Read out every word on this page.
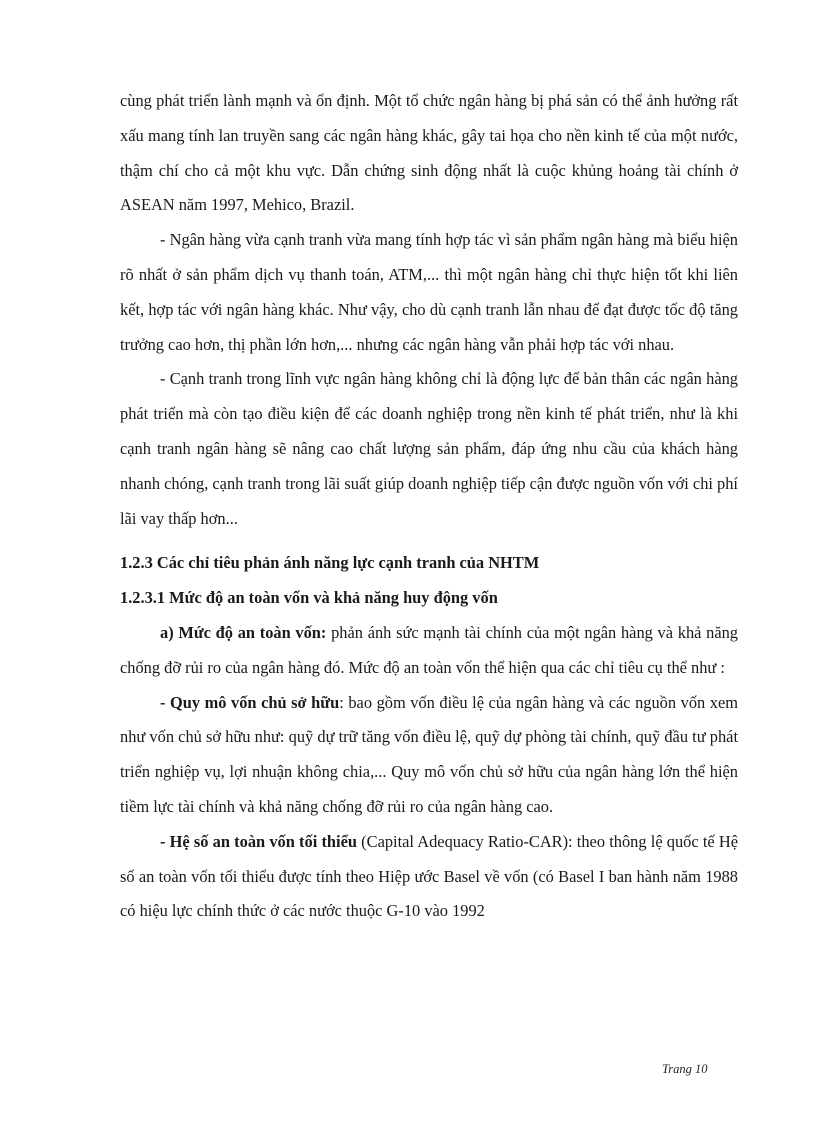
cùng phát triển lành mạnh và ổn định. Một tổ chức ngân hàng bị phá sản có thể ảnh hưởng rất xấu mang tính lan truyền sang các ngân hàng khác, gây tai họa cho nền kinh tế của một nước, thậm chí cho cả một khu vực. Dẫn chứng sinh động nhất là cuộc khủng hoảng tài chính ở ASEAN năm 1997, Mehico, Brazil.

- Ngân hàng vừa cạnh tranh vừa mang tính hợp tác vì sản phẩm ngân hàng mà biểu hiện rõ nhất ở sản phẩm dịch vụ thanh toán, ATM,... thì một ngân hàng chỉ thực hiện tốt khi liên kết, hợp tác với ngân hàng khác. Như vậy, cho dù cạnh tranh lẫn nhau để đạt được tốc độ tăng trưởng cao hơn, thị phần lớn hơn,... nhưng các ngân hàng vẫn phải hợp tác với nhau.

- Cạnh tranh trong lĩnh vực ngân hàng không chỉ là động lực để bản thân các ngân hàng phát triển mà còn tạo điều kiện để các doanh nghiệp trong nền kinh tế phát triển, như là khi cạnh tranh ngân hàng sẽ nâng cao chất lượng sản phẩm, đáp ứng nhu cầu của khách hàng nhanh chóng, cạnh tranh trong lãi suất giúp doanh nghiệp tiếp cận được nguồn vốn với chi phí lãi vay thấp hơn...

1.2.3 Các chỉ tiêu phản ánh năng lực cạnh tranh của NHTM

1.2.3.1 Mức độ an toàn vốn và khả năng huy động vốn

a) Mức độ an toàn vốn: phản ánh sức mạnh tài chính của một ngân hàng và khả năng chống đỡ rủi ro của ngân hàng đó. Mức độ an toàn vốn thể hiện qua các chỉ tiêu cụ thể như :

- Quy mô vốn chủ sở hữu: bao gồm vốn điều lệ của ngân hàng và các nguồn vốn xem như vốn chủ sở hữu như: quỹ dự trữ tăng vốn điều lệ, quỹ dự phòng tài chính, quỹ đầu tư phát triển nghiệp vụ, lợi nhuận không chia,... Quy mô vốn chủ sở hữu của ngân hàng lớn thể hiện tiềm lực tài chính và khả năng chống đỡ rủi ro của ngân hàng cao.

- Hệ số an toàn vốn tối thiểu (Capital Adequacy Ratio-CAR): theo thông lệ quốc tế Hệ số an toàn vốn tối thiểu được tính theo Hiệp ước Basel về vốn (có Basel I ban hành năm 1988 có hiệu lực chính thức ở các nước thuộc G-10 vào 1992

Trang 10
